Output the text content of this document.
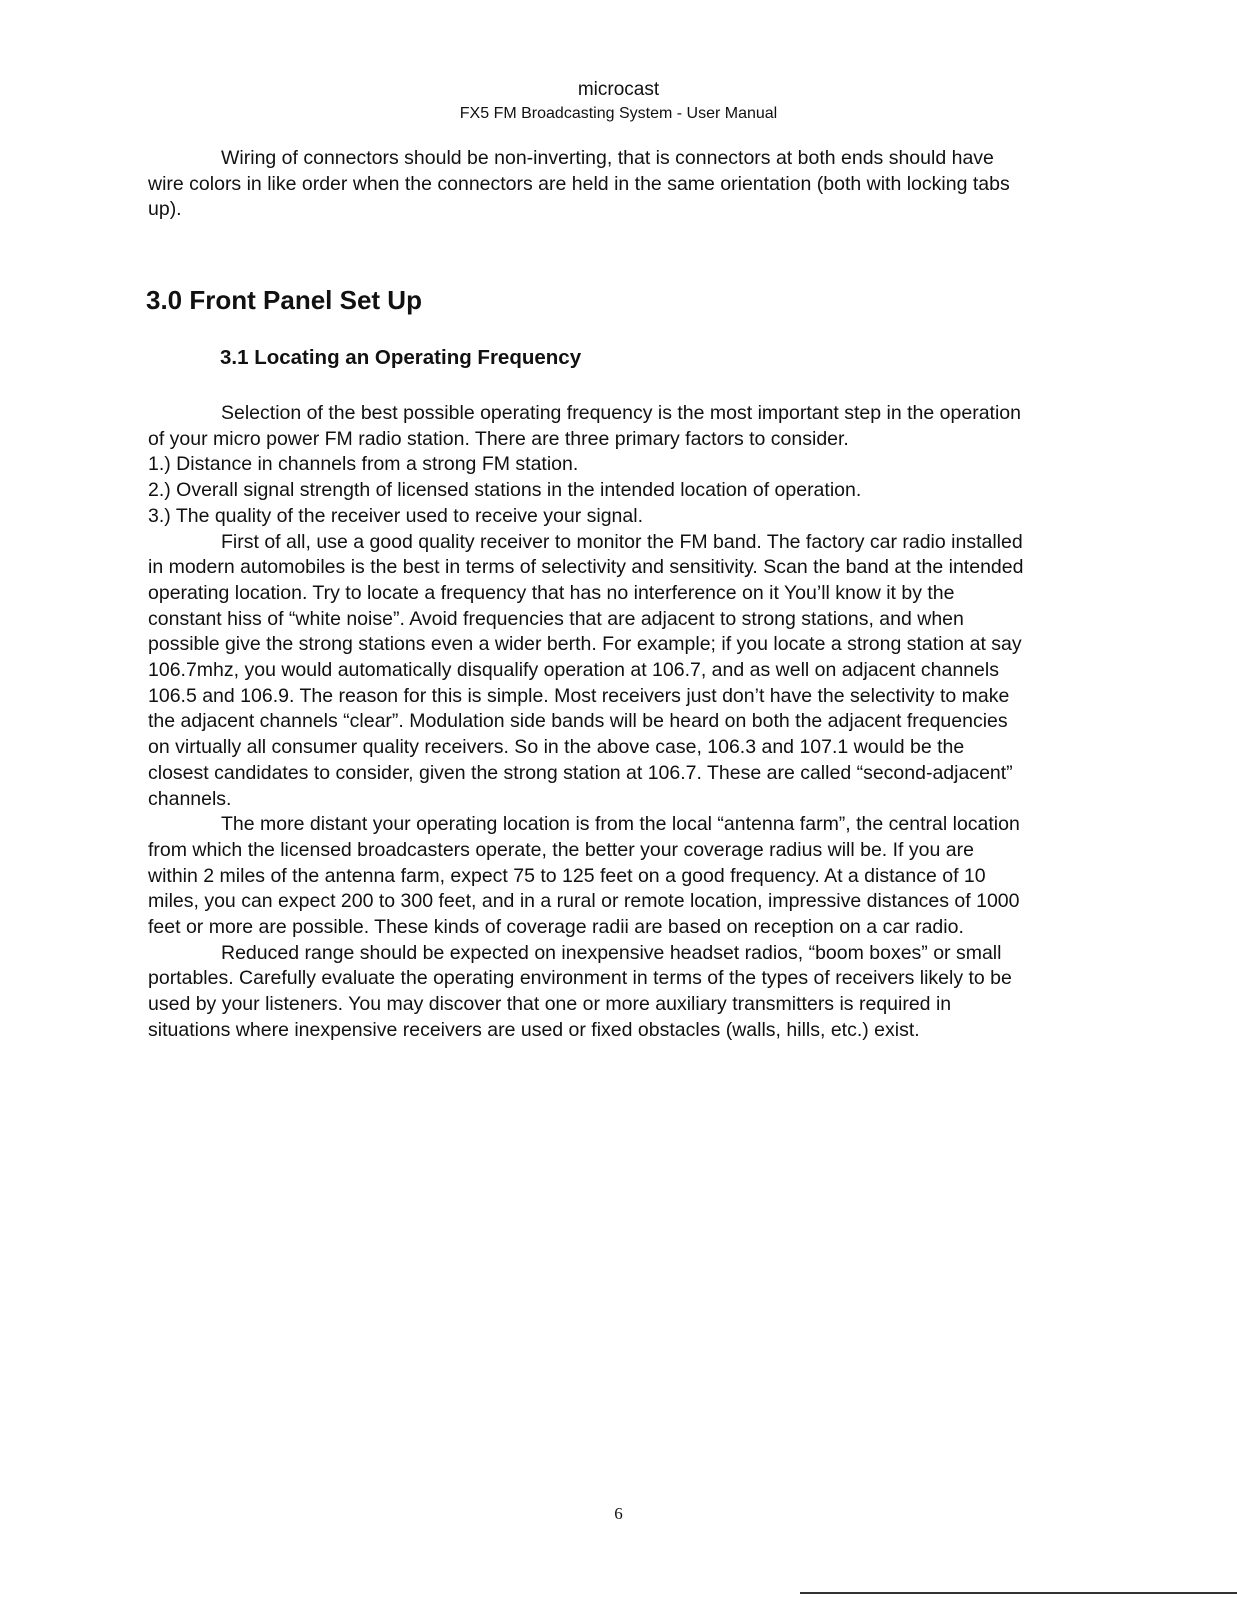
microcast
FX5 FM Broadcasting System - User Manual

Wiring of connectors should be non-inverting, that is connectors at both ends should have wire colors in like order when the connectors are held in the same orientation (both with locking tabs up).

3.0 Front Panel Set Up
3.1 Locating an Operating Frequency

Selection of the best possible operating frequency is the most important step in the operation of your micro power FM radio station. There are three primary factors to consider.

1.) Distance in channels from a strong FM station.

2.) Overall signal strength of licensed stations in the intended location of operation.

3.) The quality of the receiver used to receive your signal.

First of all, use a good quality receiver to monitor the FM band. The factory car radio installed in modern automobiles is the best in terms of selectivity and sensitivity. Scan the band at the intended operating location. Try to locate a frequency that has no interference on it You’ll know it by the constant hiss of “white noise”. Avoid frequencies that are adjacent to strong stations, and when possible give the strong stations even a wider berth. For example; if you locate a strong station at say 106.7mhz, you would automatically disqualify operation at 106.7, and as well on adjacent channels 106.5 and 106.9. The reason for this is simple. Most receivers just don’t have the selectivity to make the adjacent channels “clear”. Modulation side bands will be heard on both the adjacent frequencies on virtually all consumer quality receivers. So in the above case, 106.3 and 107.1 would be the closest candidates to consider, given the strong station at 106.7. These are called “second-adjacent” channels.

The more distant your operating location is from the local “antenna farm”, the central location from which the licensed broadcasters operate, the better your coverage radius will be. If you are within 2 miles of the antenna farm, expect 75 to 125 feet on a good frequency. At a distance of 10 miles, you can expect 200 to 300 feet, and in a rural or remote location, impressive distances of 1000 feet or more are possible. These kinds of coverage radii are based on reception on a car radio.

Reduced range should be expected on inexpensive headset radios, “boom boxes” or small portables. Carefully evaluate the operating environment in terms of the types of receivers likely to be used by your listeners. You may discover that one or more auxiliary transmitters is required in situations where inexpensive receivers are used or fixed obstacles (walls, hills, etc.) exist.

6
